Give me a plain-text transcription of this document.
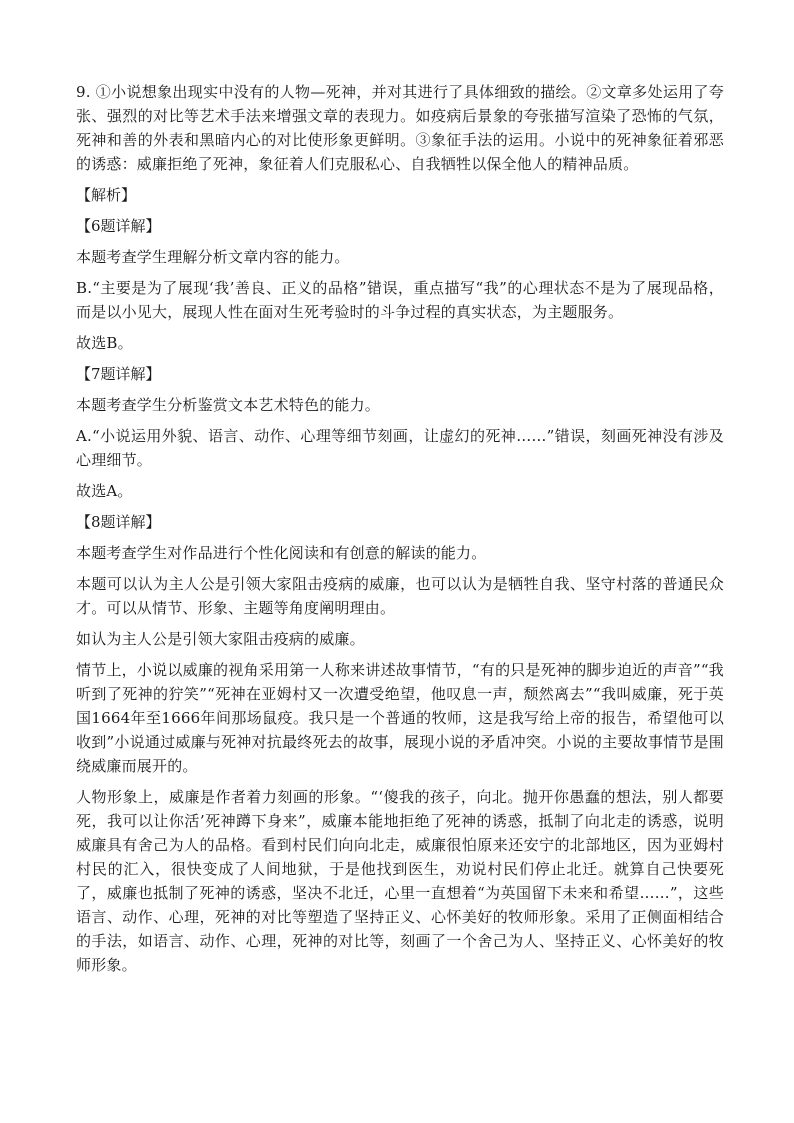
9. ①小说想象出现实中没有的人物—死神，并对其进行了具体细致的描绘。②文章多处运用了夸张、强烈的对比等艺术手法来增强文章的表现力。如疫病后景象的夸张描写渲染了恐怖的气氛，死神和善的外表和黑暗内心的对比使形象更鲜明。③象征手法的运用。小说中的死神象征着邪恶的诱惑：威廉拒绝了死神，象征着人们克服私心、自我牺牲以保全他人的精神品质。

【解析】

【6题详解】

本题考查学生理解分析文章内容的能力。

B.“主要是为了展现‘我’善良、正义的品格”错误，重点描写“我”的心理状态不是为了展现品格，而是以小见大，展现人性在面对生死考验时的斗争过程的真实状态，为主题服务。

故选B。

【7题详解】

本题考查学生分析鉴赏文本艺术特色的能力。

A.“小说运用外貌、语言、动作、心理等细节刻画，让虚幻的死神……”错误，刻画死神没有涉及心理细节。

故选A。

【8题详解】

本题考查学生对作品进行个性化阅读和有创意的解读的能力。

本题可以认为主人公是引领大家阻击疫病的威廉，也可以认为是牺牲自我、坚守村落的普通民众才。可以从情节、形象、主题等角度阐明理由。

如认为主人公是引领大家阻击疫病的威廉。

情节上，小说以威廉的视角采用第一人称来讲述故事情节，“有的只是死神的脚步迫近的声音”“我听到了死神的狞笑”“死神在亚姆村又一次遭受绝望，他叹息一声，颓然离去”“我叫威廉，死于英国1664年至1666年间那场鼠疫。我只是一个普通的牧师，这是我写给上帝的报告，希望他可以收到”小说通过威廉与死神对抗最终死去的故事，展现小说的矛盾冲突。小说的主要故事情节是围绕威廉而展开的。

人物形象上，威廉是作者着力刻画的形象。“‘傻我的孩子，向北。抛开你愚蠢的想法，别人都要死，我可以让你活’死神蹲下身来”，威廉本能地拒绝了死神的诱惑，抵制了向北走的诱惑，说明威廉具有舍己为人的品格。看到村民们向向北走，威廉很怕原来还安宁的北部地区，因为亚姆村村民的汇入，很快变成了人间地狱，于是他找到医生，劝说村民们停止北迁。就算自己快要死了，威廉也抵制了死神的诱惑，坚决不北迁，心里一直想着“为英国留下未来和希望……”，这些语言、动作、心理，死神的对比等塑造了坚持正义、心怀美好的牧师形象。采用了正侧面相结合的手法，如语言、动作、心理，死神的对比等，刻画了一个舍己为人、坚持正义、心怀美好的牧师形象。
